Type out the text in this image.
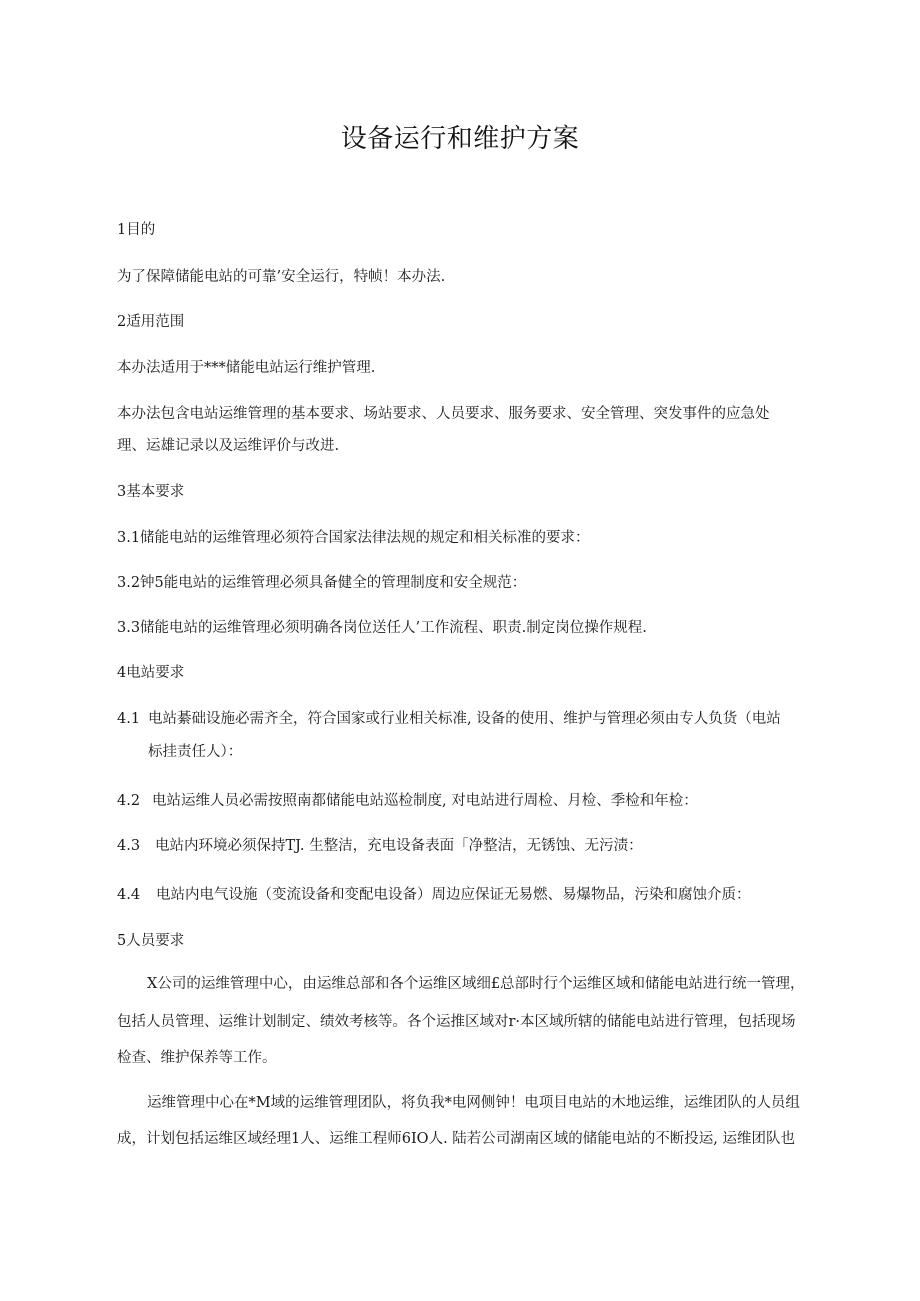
设备运行和维护方案
1目的
为了保障储能电站的可靠’安全运行，特帧！本办法.
2适用范围
本办法适用于***储能电站运行维护管理.
本办法包含电站运维管理的基本要求、场站要求、人员要求、服务要求、安全管理、突发事件的应急处
理、运雄记录以及运维评价与改进.
3基本要求
3.1储能电站的运维管理必须符合国家法律法规的规定和相关标准的要求：
3.2钟5能电站的运维管理必须具备健全的管理制度和安全规范：
3.3储能电站的运维管理必须明确各岗位送任人’工作流程、职责.制定岗位操作规程.
4电站要求
4.1 电站綦础设施必需齐全，符合国家或行业相关标准, 设备的使用、维护与管理必须由专人负货（电站
标挂责任人）：
4.2 电站运维人员必需按照南都储能电站巡检制度, 对电站进行周检、月检、季检和年检：
4.3 电站内环境必须保持TJ. 生整洁，充电设备表面「净整洁，无锈蚀、无污渍：
4.4 电站内电气设施（变流设备和变配电设备）周边应保证无易燃、易爆物品，污染和腐蚀介质：
5人员要求
X公司的运维管理中心，由运维总部和各个运维区域细£总部时行个运维区域和储能电站进行统一管理，
包括人员管理、运维计划制定、绩效考核等。各个运推区域对r·本区域所辖的储能电站进行管理，包括现场
检查、维护保养等工作。
运维管理中心在*M域的运维管理团队，将负我*电网侧钟！电项目电站的木地运维，运维团队的人员组
成，计划包括运维区域经理1人、运维工程师6IO人. 陆若公司湖南区域的储能电站的不断投运, 运维团队也
